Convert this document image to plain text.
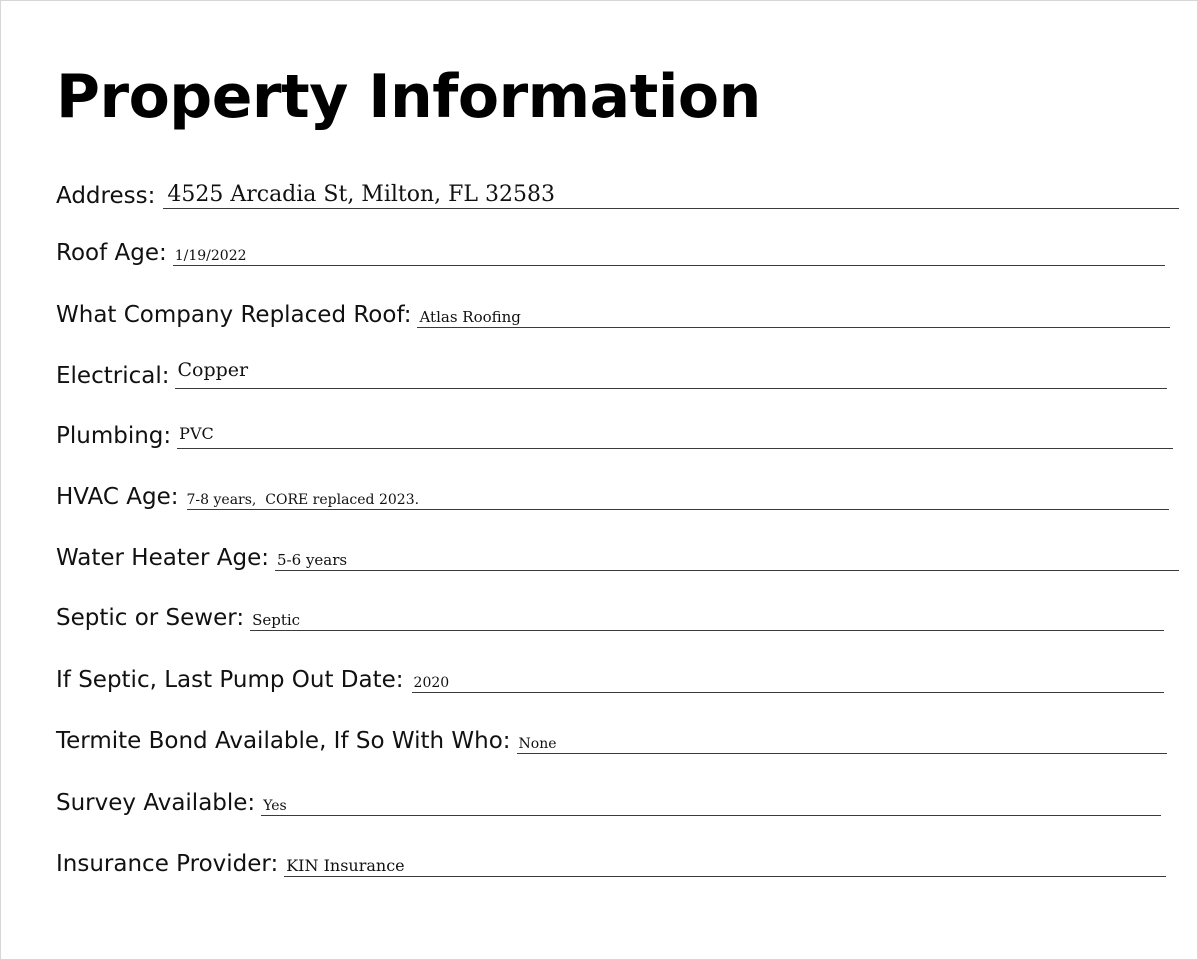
Property Information
Address: 4525 Arcadia St, Milton, FL 32583
Roof Age: 1/19/2022
What Company Replaced Roof: Atlas Roofing
Electrical: Copper
Plumbing: PVC
HVAC Age: 7-8 years,  CORE replaced 2023.
Water Heater Age: 5-6 years
Septic or Sewer: Septic
If Septic, Last Pump Out Date: 2020
Termite Bond Available, If So With Who: None
Survey Available: Yes
Insurance Provider: KIN Insurance
